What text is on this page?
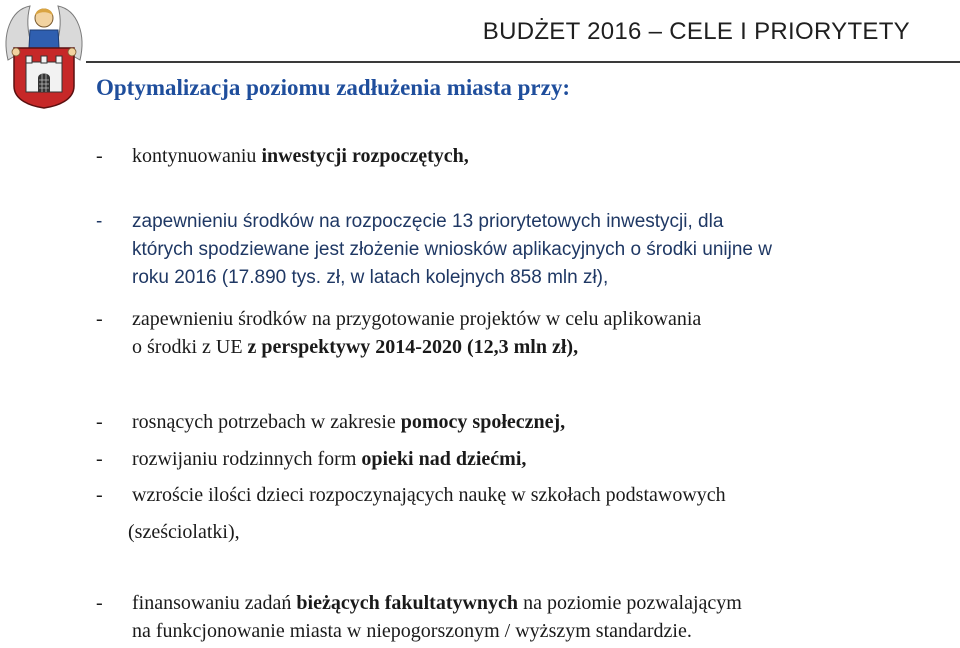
BUDŻET 2016 – CELE I PRIORYTETY
Optymalizacja poziomu zadłużenia miasta przy:
- kontynuowaniu inwestycji rozpoczętych,
- zapewnieniu środków na rozpoczęcie 13 priorytetowych inwestycji, dla
których spodziewane jest złożenie wniosków aplikacyjnych o środki unijne w
roku 2016 (17.890 tys. zł, w latach kolejnych 858 mln zł),
- zapewnieniu środków na przygotowanie projektów w celu aplikowania
o środki z UE z perspektywy 2014-2020 (12,3 mln zł),
- rosnących potrzebach w zakresie pomocy społecznej,
- rozwijaniu rodzinnych form opieki nad dziećmi,
- wzroście ilości dzieci rozpoczynających naukę w szkołach podstawowych
(sześciolatki),
- finansowaniu zadań bieżących fakultatywnych na poziomie pozwalającym
na funkcjonowanie miasta w niepogorszonym / wyższym standardzie.
